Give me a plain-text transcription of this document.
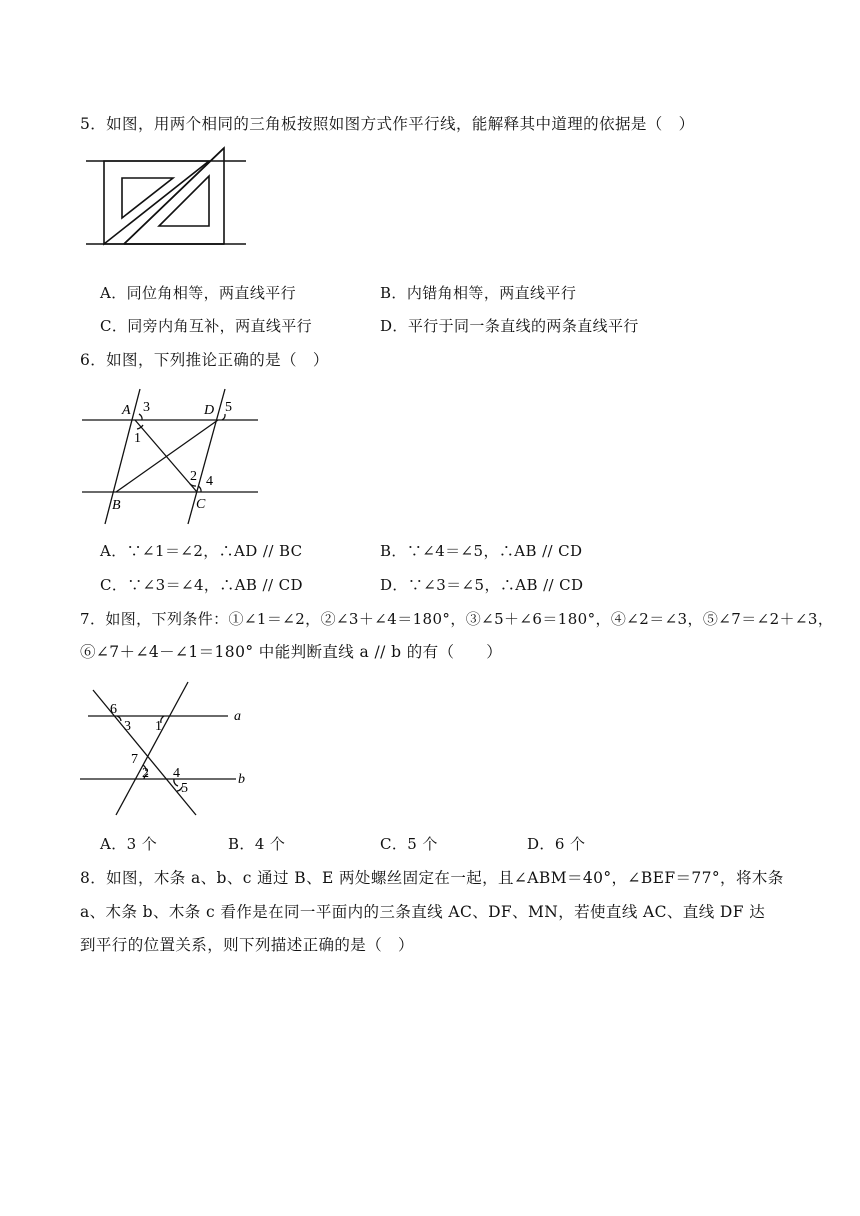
5．如图，用两个相同的三角板按照如图方式作平行线，能解释其中道理的依据是（　）
A．同位角相等，两直线平行	B．内错角相等，两直线平行
C．同旁内角互补，两直线平行	D．平行于同一条直线的两条直线平行
6．如图，下列推论正确的是（　）
A 3	D 5
1
2 4
B	C
A．∵∠1＝∠2，∴AD // BC	B．∵∠4＝∠5，∴AB // CD
C．∵∠3＝∠4，∴AB // CD	D．∵∠3＝∠5，∴AB // CD
7．如图，下列条件：①∠1＝∠2，②∠3＋∠4＝180°，③∠5＋∠6＝180°，④∠2＝∠3，⑤∠7＝∠2＋∠3，
⑥∠7＋∠4－∠1＝180° 中能判断直线 a // b 的有（　　）
a
b
6
3 1
7
2 4
5
A．3 个	B．4 个	C．5 个	D．6 个
8．如图，木条 a、b、c 通过 B、E 两处螺丝固定在一起，且∠ABM＝40°，∠BEF＝77°，将木条
a、木条 b、木条 c 看作是在同一平面内的三条直线 AC、DF、MN，若使直线 AC、直线 DF 达
到平行的位置关系，则下列描述正确的是（　）
